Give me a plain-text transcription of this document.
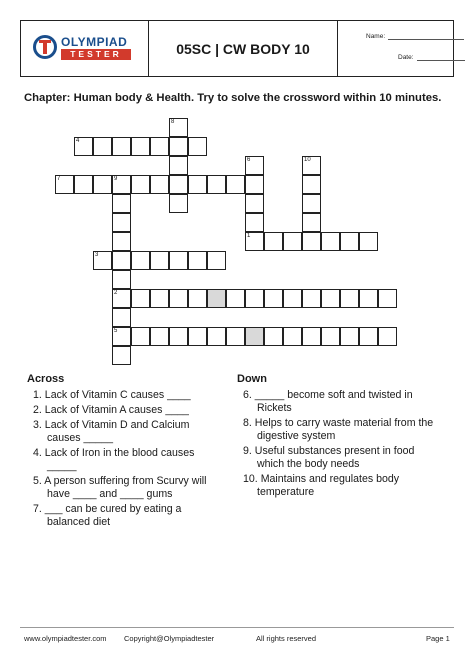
OLYMPIAD
TESTER	05SC | CW BODY 10
Name:
Date:
Chapter: Human body & Health. Try to solve the crossword within 10 minutes.
8
4
6	10
7	9
2
5
1
3
Across
1. Lack of Vitamin C causes ____
2. Lack of Vitamin A causes ____
3. Lack of Vitamin D and Calcium
causes _____
4. Lack of Iron in the blood causes
_____
5. A person suffering from Scurvy will
have ____ and ____ gums
7. ___ can be cured by eating a
balanced diet
Down
6. _____ become soft and twisted in
Rickets
8. Helps to carry waste material from the
digestive system
9. Useful substances present in food
which the body needs
10. Maintains and regulates body
temperature
www.olympiadtester.com Copyright@Olympiadtester	All rights reserved	Page 1
